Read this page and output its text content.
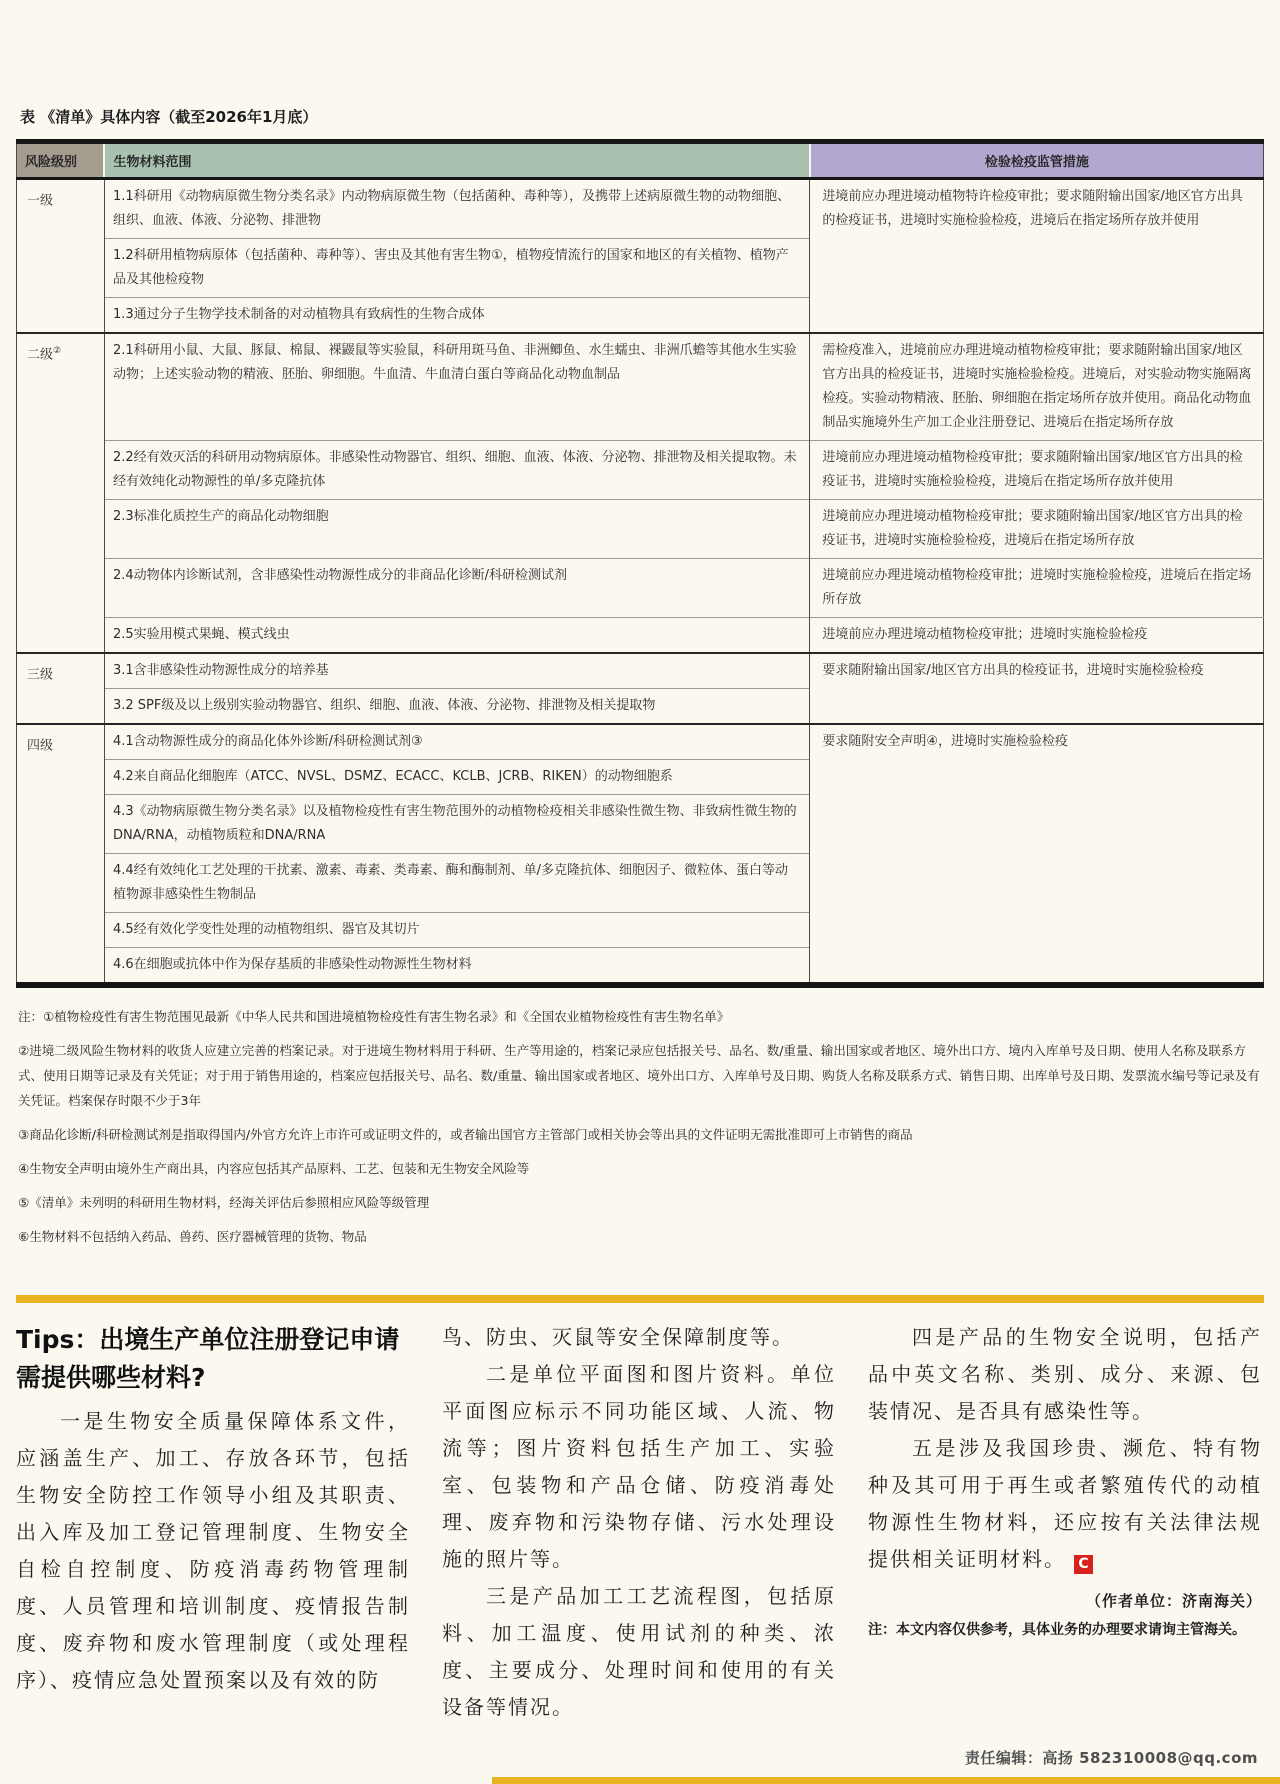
表 《清单》具体内容（截至2026年1月底）
风险级别	生物材料范围	检验检疫监管措施
一级	1.1科研用《动物病原微生物分类名录》内动物病原微生物（包括菌种、毒种等），及携带上述病原微生物的动物细胞、组织、血液、体液、分泌物、排泄物	进境前应办理进境动植物特许检疫审批；要求随附输出国家/地区官方出具的检疫证书，进境时实施检验检疫，进境后在指定场所存放并使用
	1.2科研用植物病原体（包括菌种、毒种等）、害虫及其他有害生物①，植物疫情流行的国家和地区的有关植物、植物产品及其他检疫物	
	1.3通过分子生物学技术制备的对动植物具有致病性的生物合成体	
二级②	2.1科研用小鼠、大鼠、豚鼠、棉鼠、裸鼹鼠等实验鼠，科研用斑马鱼、非洲鲫鱼、水生蠕虫、非洲爪蟾等其他水生实验动物；上述实验动物的精液、胚胎、卵细胞。牛血清、牛血清白蛋白等商品化动物血制品	需检疫准入，进境前应办理进境动植物检疫审批；要求随附输出国家/地区官方出具的检疫证书，进境时实施检验检疫。进境后，对实验动物实施隔离检疫。实验动物精液、胚胎、卵细胞在指定场所存放并使用。商品化动物血制品实施境外生产加工企业注册登记、进境后在指定场所存放
	2.2经有效灭活的科研用动物病原体。非感染性动物器官、组织、细胞、血液、体液、分泌物、排泄物及相关提取物。未经有效纯化动物源性的单/多克隆抗体	进境前应办理进境动植物检疫审批；要求随附输出国家/地区官方出具的检疫证书，进境时实施检验检疫，进境后在指定场所存放并使用
	2.3标准化质控生产的商品化动物细胞	进境前应办理进境动植物检疫审批；要求随附输出国家/地区官方出具的检疫证书，进境时实施检验检疫，进境后在指定场所存放
	2.4动物体内诊断试剂，含非感染性动物源性成分的非商品化诊断/科研检测试剂	进境前应办理进境动植物检疫审批；进境时实施检验检疫，进境后在指定场所存放
	2.5实验用模式果蝇、模式线虫	进境前应办理进境动植物检疫审批；进境时实施检验检疫
三级	3.1含非感染性动物源性成分的培养基	要求随附输出国家/地区官方出具的检疫证书，进境时实施检验检疫
	3.2 SPF级及以上级别实验动物器官、组织、细胞、血液、体液、分泌物、排泄物及相关提取物	
四级	4.1含动物源性成分的商品化体外诊断/科研检测试剂③	要求随附安全声明④，进境时实施检验检疫
	4.2来自商品化细胞库（ATCC、NVSL、DSMZ、ECACC、KCLB、JCRB、RIKEN）的动物细胞系	
	4.3《动物病原微生物分类名录》以及植物检疫性有害生物范围外的动植物检疫相关非感染性微生物、非致病性微生物的DNA/RNA，动植物质粒和DNA/RNA	
	4.4经有效纯化工艺处理的干扰素、激素、毒素、类毒素、酶和酶制剂、单/多克隆抗体、细胞因子、微粒体、蛋白等动植物源非感染性生物制品	
	4.5经有效化学变性处理的动植物组织、器官及其切片	
	4.6在细胞或抗体中作为保存基质的非感染性动物源性生物材料	

注：①植物检疫性有害生物范围见最新《中华人民共和国进境植物检疫性有害生物名录》和《全国农业植物检疫性有害生物名单》

②进境二级风险生物材料的收货人应建立完善的档案记录。对于进境生物材料用于科研、生产等用途的，档案记录应包括报关号、品名、数/重量、输出国家或者地区、境外出口方、境内入库单号及日期、使用人名称及联系方式、使用日期等记录及有关凭证；对于用于销售用途的，档案应包括报关号、品名、数/重量、输出国家或者地区、境外出口方、入库单号及日期、购货人名称及联系方式、销售日期、出库单号及日期、发票流水编号等记录及有关凭证。档案保存时限不少于3年

③商品化诊断/科研检测试剂是指取得国内/外官方允许上市许可或证明文件的，或者输出国官方主管部门或相关协会等出具的文件证明无需批准即可上市销售的商品

④生物安全声明由境外生产商出具，内容应包括其产品原料、工艺、包装和无生物安全风险等

⑤《清单》未列明的科研用生物材料，经海关评估后参照相应风险等级管理

⑥生物材料不包括纳入药品、兽药、医疗器械管理的货物、物品

Tips：出境生产单位注册登记申请需提供哪些材料?

一是生物安全质量保障体系文件，应涵盖生产、加工、存放各环节，包括生物安全防控工作领导小组及其职责、出入库及加工登记管理制度、生物安全自检自控制度、防疫消毒药物管理制度、人员管理和培训制度、疫情报告制度、废弃物和废水管理制度（或处理程序）、疫情应急处置预案以及有效的防

鸟、防虫、灭鼠等安全保障制度等。

二是单位平面图和图片资料。单位平面图应标示不同功能区域、人流、物流等；图片资料包括生产加工、实验室、包装物和产品仓储、防疫消毒处理、废弃物和污染物存储、污水处理设施的照片等。

三是产品加工工艺流程图，包括原料、加工温度、使用试剂的种类、浓度、主要成分、处理时间和使用的有关设备等情况。

四是产品的生物安全说明，包括产品中英文名称、类别、成分、来源、包装情况、是否具有感染性等。

五是涉及我国珍贵、濒危、特有物种及其可用于再生或者繁殖传代的动植物源性生物材料，还应按有关法律法规提供相关证明材料。 C

（作者单位：济南海关）

注：本文内容仅供参考，具体业务的办理要求请询主管海关。

责任编辑：高扬 582310008@qq.com
